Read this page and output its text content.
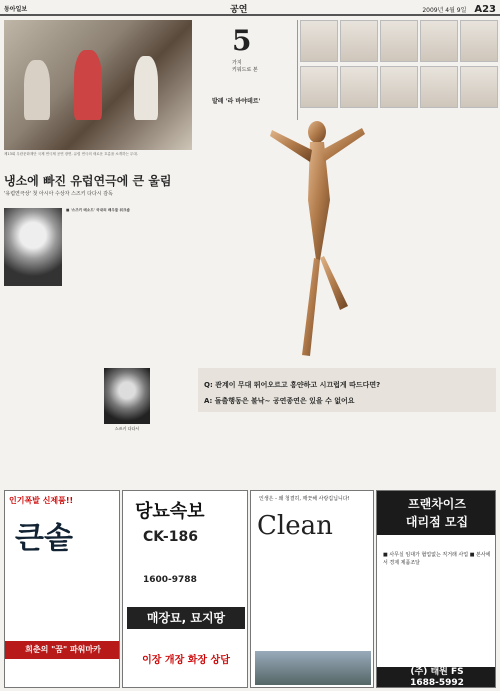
동아일보	공연	2009년 4월 9일 A23
제13회 우란문화재단 국제 연극제 공연 장면. 유럽 연극의 새로운 흐름을 소개하는 무대.
냉소에 빠진 유럽연극에 큰 울림
'유럽연극상' 첫 아시아 수상자 스즈키 다다시 감독

■ '스즈키 메소드' 국내외 배우들 워크숍

스즈키 다다시
5
가지
키워드로 본
발레 '라 바야데르'
Q: 관계이 무대 뛰어오르고 흥얀하고 시끄럽게 따드다면?
A: 돌출행동은 불낙~ 공연종연은 있을 수 없어요
인기폭발 신제품!!
큰솥
희춘의 "꿈" 파워마카
당뇨속보
CK-186
1600-9788
매장묘, 묘지땅
이장 개장 화장 상담
인생은 - 왜 청결히, 깨끗해 사랑깁닙니다!
Clean
프랜차이즈
대리점 모집
■ 사무실 임대가 협업없는 직거래 사업 ■ 본사에서 경제 제품조달
(주) 태원 FS
1688-5992
